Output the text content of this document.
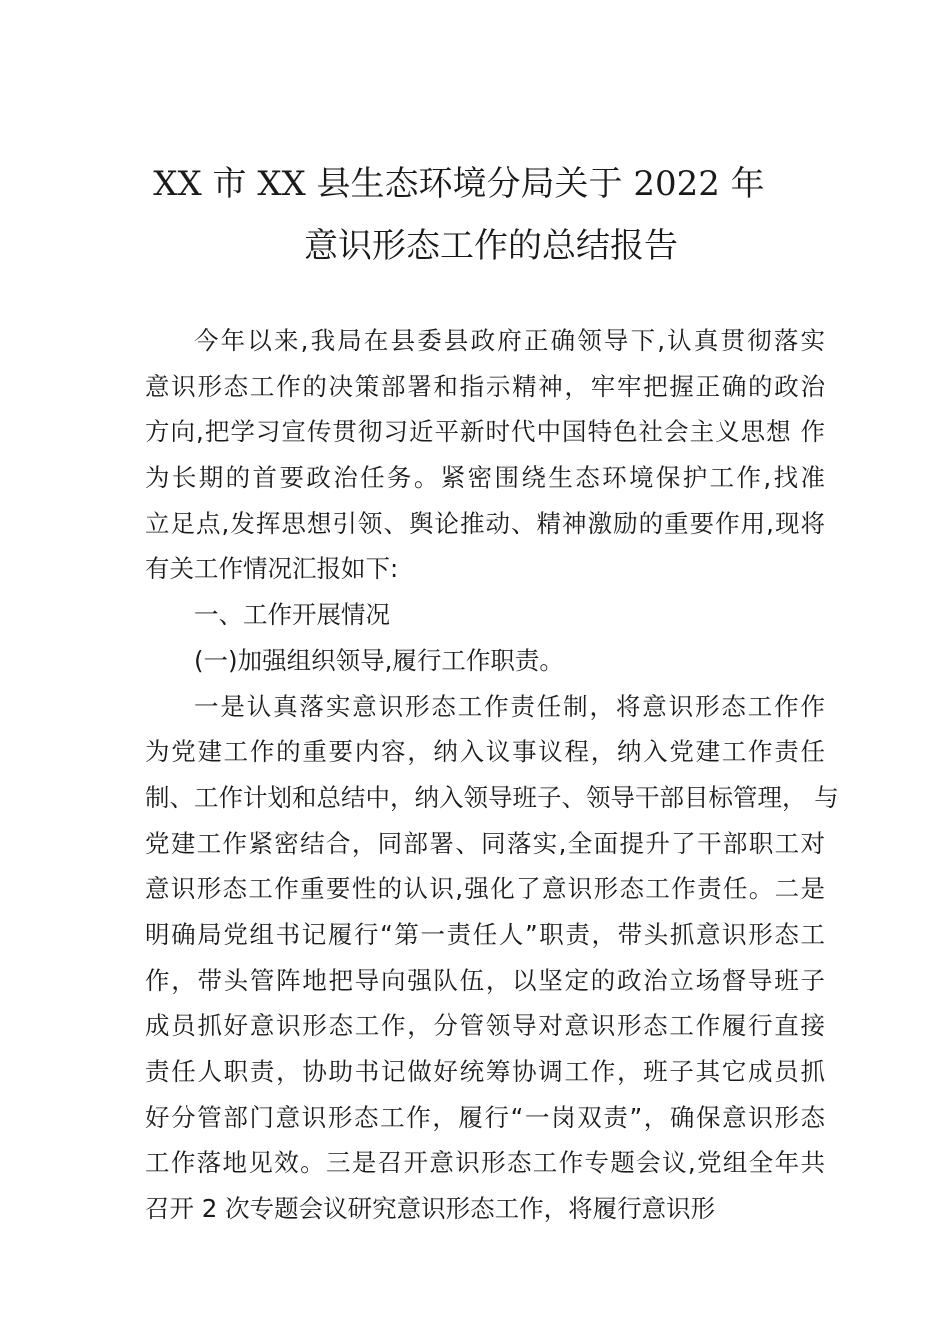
XX 市 XX 县生态环境分局关于 2022 年
意识形态工作的总结报告
今年以来,我局在县委县政府正确领导下,认真贯彻落实
意识形态工作的决策部署和指示精神，牢牢把握正确的政治
方向,把学习宣传贯彻习近平新时代中国特色社会主义思想 作
为长期的首要政治任务。紧密围绕生态环境保护工作,找准
立足点,发挥思想引领、舆论推动、精神激励的重要作用,现将
有关工作情况汇报如下:
一、工作开展情况
(一)加强组织领导,履行工作职责。
一是认真落实意识形态工作责任制，将意识形态工作作
为党建工作的重要内容，纳入议事议程，纳入党建工作责任
制、工作计划和总结中，纳入领导班子、领导干部目标管理， 与
党建工作紧密结合，同部署、同落实,全面提升了干部职工对
意识形态工作重要性的认识,强化了意识形态工作责任。二是
明确局党组书记履行“第一责任人”职责，带头抓意识形态工
作，带头管阵地把导向强队伍，以坚定的政治立场督导班子
成员抓好意识形态工作，分管领导对意识形态工作履行直接
责任人职责，协助书记做好统筹协调工作，班子其它成员抓
好分管部门意识形态工作，履行“一岗双责”，确保意识形态
工作落地见效。三是召开意识形态工作专题会议,党组全年共
召开 2 次专题会议研究意识形态工作，将履行意识形
